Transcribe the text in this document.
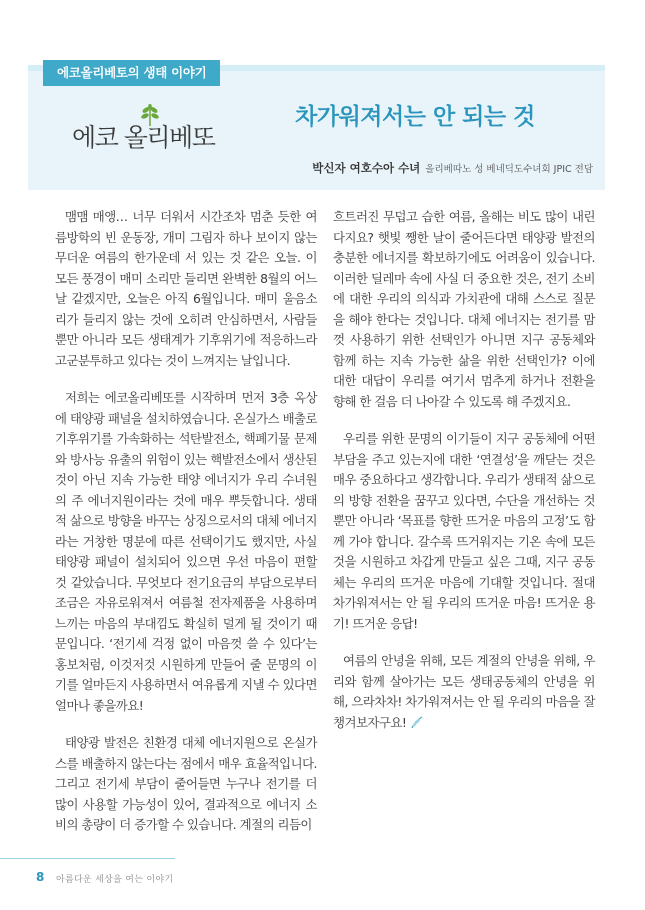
에코올리베토의 생태 이야기
에코 올리베또
차가워져서는 안 되는 것
박신자 여호수아 수녀 올리베따노 성 베네딕도수녀회 JPIC 전담

맴맴 매앵… 너무 더워서 시간조차 멈춘 듯한 여름방학의 빈 운동장, 개미 그림자 하나 보이지 않는 무더운 여름의 한가운데 서 있는 것 같은 오늘. 이 모든 풍경이 매미 소리만 들리면 완벽한 8월의 어느 날 같겠지만, 오늘은 아직 6월입니다. 매미 울음소리가 들리지 않는 것에 오히려 안심하면서, 사람들뿐만 아니라 모든 생태계가 기후위기에 적응하느라 고군분투하고 있다는 것이 느껴지는 날입니다.

저희는 에코올리베또를 시작하며 먼저 3층 옥상에 태양광 패널을 설치하였습니다. 온실가스 배출로 기후위기를 가속화하는 석탄발전소, 핵폐기물 문제와 방사능 유출의 위험이 있는 핵발전소에서 생산된 것이 아닌 지속 가능한 태양 에너지가 우리 수녀원의 주 에너지원이라는 것에 매우 뿌듯합니다. 생태적 삶으로 방향을 바꾸는 상징으로서의 대체 에너지라는 거창한 명분에 따른 선택이기도 했지만, 사실 태양광 패널이 설치되어 있으면 우선 마음이 편할 것 같았습니다. 무엇보다 전기요금의 부담으로부터 조금은 자유로워져서 여름철 전자제품을 사용하며 느끼는 마음의 부대낌도 확실히 덜게 될 것이기 때문입니다. ‘전기세 걱정 없이 마음껏 쓸 수 있다’는 홍보처럼, 이것저것 시원하게 만들어 줄 문명의 이기를 얼마든지 사용하면서 여유롭게 지낼 수 있다면 얼마나 좋을까요!

태양광 발전은 친환경 대체 에너지원으로 온실가스를 배출하지 않는다는 점에서 매우 효율적입니다. 그리고 전기세 부담이 줄어들면 누구나 전기를 더 많이 사용할 가능성이 있어, 결과적으로 에너지 소비의 총량이 더 증가할 수 있습니다. 계절의 리듬이

흐트러진 무덥고 습한 여름, 올해는 비도 많이 내린다지요? 햇빛 쨍한 날이 줄어든다면 태양광 발전의 충분한 에너지를 확보하기에도 어려움이 있습니다. 이러한 딜레마 속에 사실 더 중요한 것은, 전기 소비에 대한 우리의 의식과 가치관에 대해 스스로 질문을 해야 한다는 것입니다. 대체 에너지는 전기를 맘껏 사용하기 위한 선택인가 아니면 지구 공동체와 함께 하는 지속 가능한 삶을 위한 선택인가? 이에 대한 대답이 우리를 여기서 멈추게 하거나 전환을 향해 한 걸음 더 나아갈 수 있도록 해 주겠지요.

우리를 위한 문명의 이기들이 지구 공동체에 어떤 부담을 주고 있는지에 대한 ‘연결성’을 깨닫는 것은 매우 중요하다고 생각합니다. 우리가 생태적 삶으로의 방향 전환을 꿈꾸고 있다면, 수단을 개선하는 것뿐만 아니라 ‘목표를 향한 뜨거운 마음의 고정’도 함께 가야 합니다. 갈수록 뜨거워지는 기온 속에 모든 것을 시원하고 차갑게 만들고 싶은 그때, 지구 공동체는 우리의 뜨거운 마음에 기대할 것입니다. 절대 차가워져서는 안 될 우리의 뜨거운 마음! 뜨거운 용기! 뜨거운 응답!

여름의 안녕을 위해, 모든 계절의 안녕을 위해, 우리와 함께 살아가는 모든 생태공동체의 안녕을 위해, 으라차차! 차가워져서는 안 될 우리의 마음을 잘 챙겨보자구요!

8 아름다운 세상을 여는 이야기
